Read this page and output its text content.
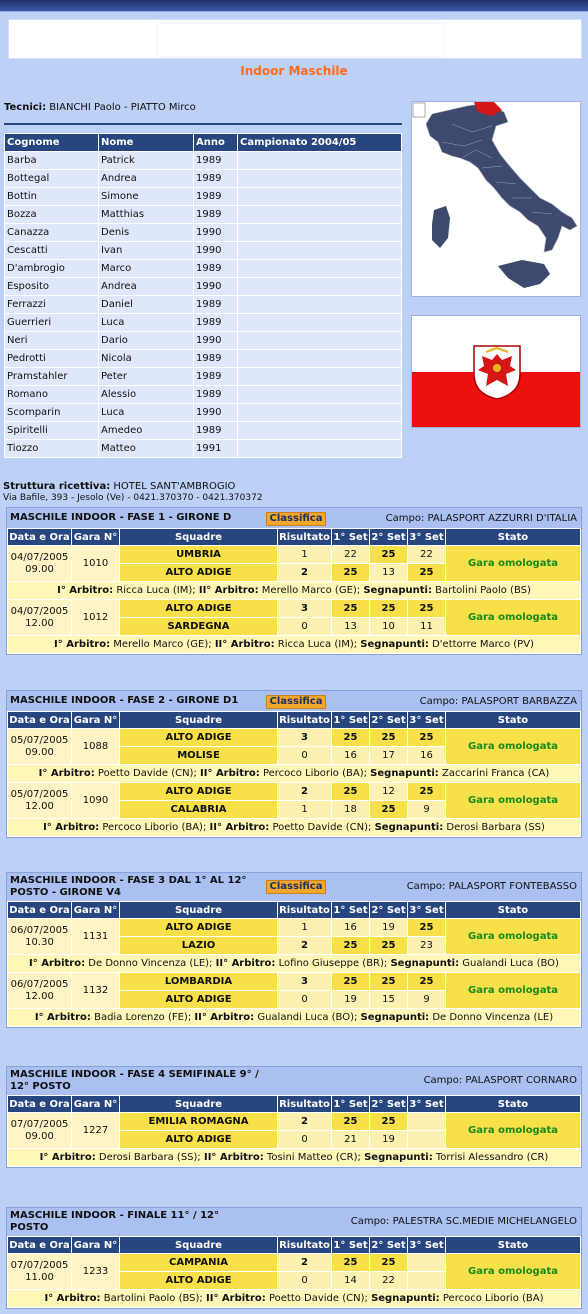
Indoor Maschile
Tecnici: BIANCHI Paolo - PIATTO Mirco
Cognome	Nome	Anno	Campionato 2004/05
Barba	Patrick	1989	
Bottegal	Andrea	1989	
Bottin	Simone	1989	
Bozza	Matthias	1989	
Canazza	Denis	1990	
Cescatti	Ivan	1990	
D'ambrogio	Marco	1989	
Esposito	Andrea	1990	
Ferrazzi	Daniel	1989	
Guerrieri	Luca	1989	
Neri	Dario	1990	
Pedrotti	Nicola	1989	
Pramstahler	Peter	1989	
Romano	Alessio	1989	
Scomparin	Luca	1990	
Spiritelli	Amedeo	1989	
Tiozzo	Matteo	1991	
Struttura ricettiva: HOTEL SANT'AMBROGIO
Via Bafile, 393 - Jesolo (Ve) - 0421.370370 - 0421.370372
MASCHILE INDOOR - FASE 1 - GIRONE D	Classifica	Campo: PALASPORT AZZURRI D'ITALIA
Data e Ora	Gara N°	Squadre	Risultato	1° Set	2° Set	3° Set	Stato
04/07/2005
09.00	1010	UMBRIA	1	22	25	22	Gara omologata
		ALTO ADIGE	2	25	13	25	
I° Arbitro: Ricca Luca (IM); II° Arbitro: Merello Marco (GE); Segnapunti: Bartolini Paolo (BS)							
04/07/2005
12.00	1012	ALTO ADIGE	3	25	25	25	Gara omologata
		SARDEGNA	0	13	10	11	
I° Arbitro: Merello Marco (GE); II° Arbitro: Ricca Luca (IM); Segnapunti: D'ettorre Marco (PV)							
MASCHILE INDOOR - FASE 2 - GIRONE D1	Classifica	Campo: PALASPORT BARBAZZA
Data e Ora	Gara N°	Squadre	Risultato	1° Set	2° Set	3° Set	Stato
05/07/2005
09.00	1088	ALTO ADIGE	3	25	25	25	Gara omologata
		MOLISE	0	16	17	16	
I° Arbitro: Poetto Davide (CN); II° Arbitro: Percoco Liborio (BA); Segnapunti: Zaccarini Franca (CA)							
05/07/2005
12.00	1090	ALTO ADIGE	2	25	12	25	Gara omologata
		CALABRIA	1	18	25	9	
I° Arbitro: Percoco Liborio (BA); II° Arbitro: Poetto Davide (CN); Segnapunti: Derosi Barbara (SS)							
MASCHILE INDOOR - FASE 3 DAL 1° AL 12° POSTO - GIRONE V4
Classifica	Campo: PALASPORT FONTEBASSO
Data e Ora	Gara N°	Squadre	Risultato	1° Set	2° Set	3° Set	Stato
06/07/2005
10.30	1131	ALTO ADIGE	1	16	19	25	Gara omologata
		LAZIO	2	25	25	23	
I° Arbitro: De Donno Vincenza (LE); II° Arbitro: Lofino Giuseppe (BR); Segnapunti: Gualandi Luca (BO)							
06/07/2005
12.00	1132	LOMBARDIA	3	25	25	25	Gara omologata
		ALTO ADIGE	0	19	15	9	
I° Arbitro: Badia Lorenzo (FE); II° Arbitro: Gualandi Luca (BO); Segnapunti: De Donno Vincenza (LE)							
MASCHILE INDOOR - FASE 4 SEMIFINALE 9° / 12° POSTO
Campo: PALASPORT CORNARO
Data e Ora	Gara N°	Squadre	Risultato	1° Set	2° Set	3° Set	Stato
07/07/2005
09.00	1227	EMILIA ROMAGNA	2	25	25		Gara omologata
		ALTO ADIGE	0	21	19		
I° Arbitro: Derosi Barbara (SS); II° Arbitro: Tosini Matteo (CR); Segnapunti: Torrisi Alessandro (CR)							
MASCHILE INDOOR - FINALE 11° / 12° POSTO
Campo: PALESTRA SC.MEDIE MICHELANGELO
Data e Ora	Gara N°	Squadre	Risultato	1° Set	2° Set	3° Set	Stato
07/07/2005
11.00	1233	CAMPANIA	2	25	25		Gara omologata
		ALTO ADIGE	0	14	22		
I° Arbitro: Bartolini Paolo (BS); II° Arbitro: Poetto Davide (CN); Segnapunti: Percoco Liborio (BA)							
